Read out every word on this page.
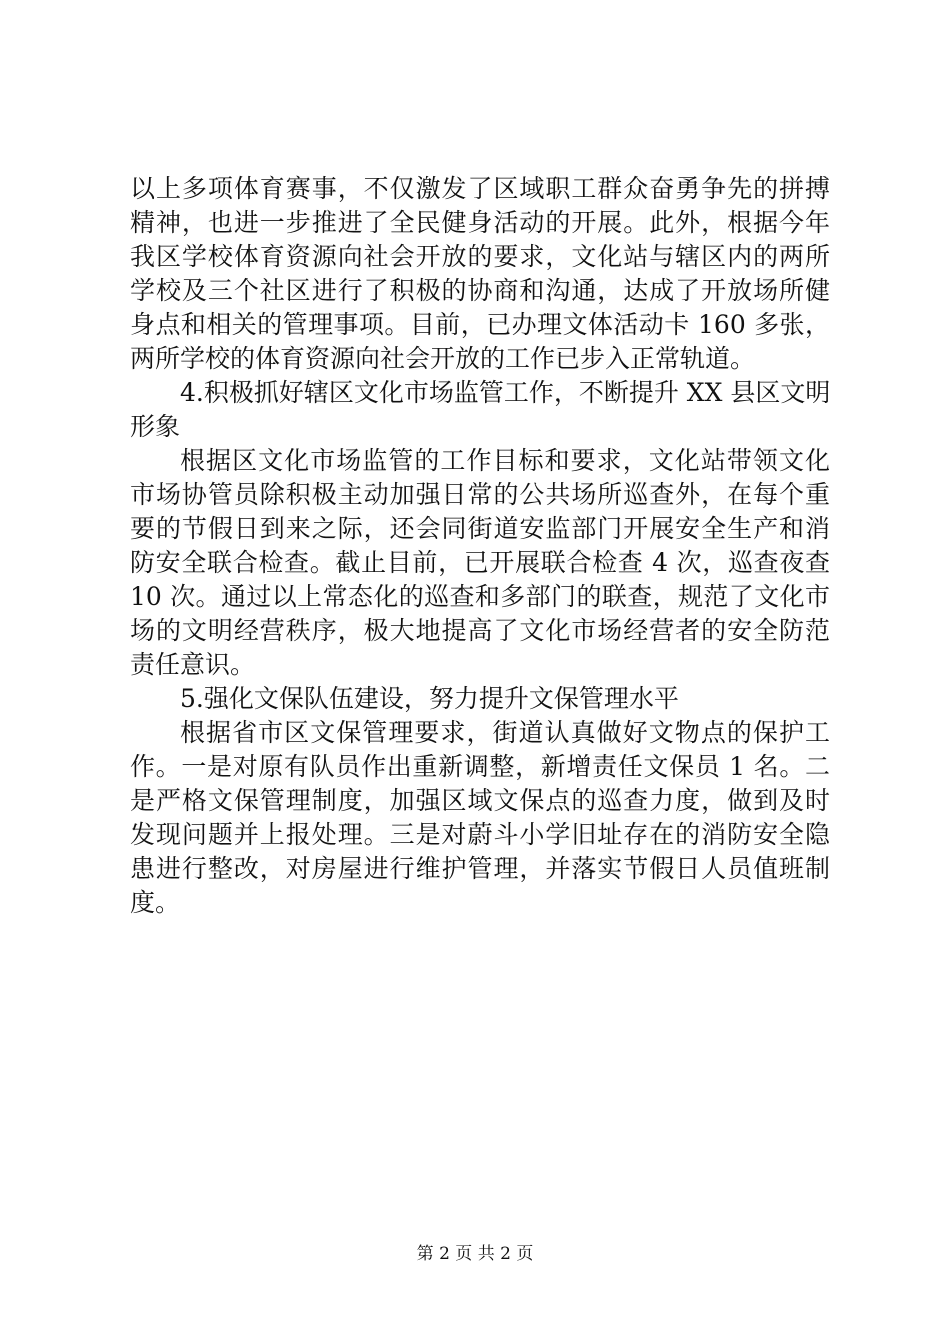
以上多项体育赛事，不仅激发了区域职工群众奋勇争先的拼搏
精神，也进一步推进了全民健身活动的开展。此外，根据今年
我区学校体育资源向社会开放的要求，文化站与辖区内的两所
学校及三个社区进行了积极的协商和沟通，达成了开放场所健
身点和相关的管理事项。目前，已办理文体活动卡 160 多张，
两所学校的体育资源向社会开放的工作已步入正常轨道。
4.积极抓好辖区文化市场监管工作，不断提升 XX 县区文明
形象
根据区文化市场监管的工作目标和要求，文化站带领文化
市场协管员除积极主动加强日常的公共场所巡查外，在每个重
要的节假日到来之际，还会同街道安监部门开展安全生产和消
防安全联合检查。截止目前，已开展联合检查 4 次，巡查夜查
10 次。通过以上常态化的巡查和多部门的联查，规范了文化市
场的文明经营秩序，极大地提高了文化市场经营者的安全防范
责任意识。
5.强化文保队伍建设，努力提升文保管理水平
根据省市区文保管理要求，街道认真做好文物点的保护工
作。一是对原有队员作出重新调整，新增责任文保员 1 名。二
是严格文保管理制度，加强区域文保点的巡查力度，做到及时
发现问题并上报处理。三是对蔚斗小学旧址存在的消防安全隐
患进行整改，对房屋进行维护管理，并落实节假日人员值班制
度。
第 2 页 共 2 页
